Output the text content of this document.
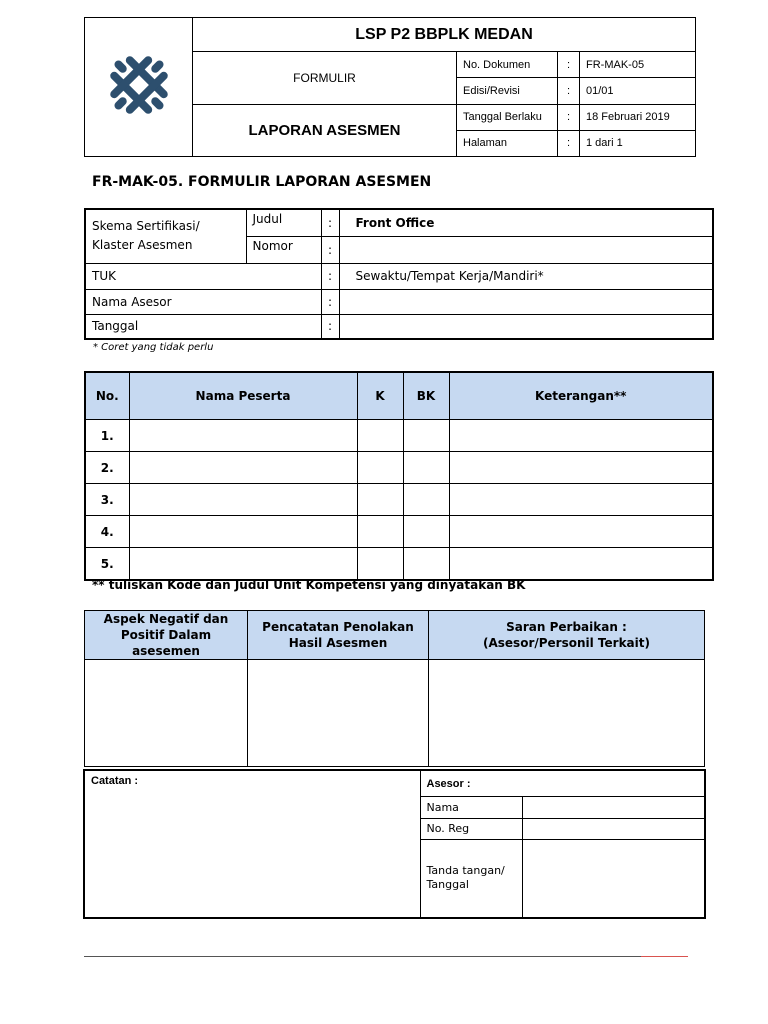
	LSP P2 BBPLK MEDAN			
	FORMULIR	No. Dokumen	:	FR-MAK-05
		Edisi/Revisi	:	01/01
	LAPORAN ASESMEN	Tanggal Berlaku	:	18 Februari 2019
		Halaman	:	1 dari 1
FR-MAK-05. FORMULIR LAPORAN ASESMEN
Skema Sertifikasi/ Klaster Asesmen	Judul	:	Front Office
	Nomor	:	
TUK		:	Sewaktu/Tempat Kerja/Mandiri*
Nama Asesor		:	
Tanggal		:	
* Coret yang tidak perlu
No.	Nama Peserta	K	BK	Keterangan**
1.				
2.				
3.				
4.				
5.				
** tuliskan Kode dan Judul Unit Kompetensi yang dinyatakan BK
Aspek Negatif dan Positif Dalam asesemen	Pencatatan Penolakan Hasil Asesmen	Saran Perbaikan :
(Asesor/Personil Terkait)

Catatan :	Asesor :	
	Nama	
	No. Reg	
	Tanda tangan/ Tanggal	
